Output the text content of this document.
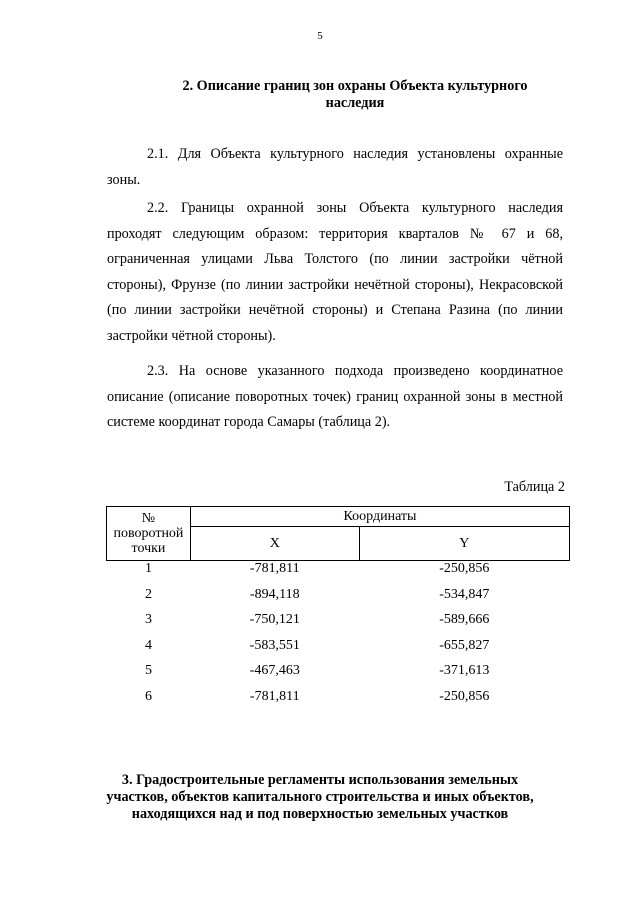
5
2. Описание границ зон охраны Объекта культурного
наследия

2.1. Для Объекта культурного наследия установлены охранные зоны.

2.2. Границы охранной зоны Объекта культурного наследия проходят следующим образом: территория кварталов № 67 и 68, ограниченная улицами Льва Толстого (по линии застройки чётной стороны), Фрунзе (по линии застройки нечётной стороны), Некрасовской (по линии застройки нечётной стороны) и Степана Разина (по линии застройки чётной стороны).

2.3. На основе указанного подхода произведено координатное описание (описание поворотных точек) границ охранной зоны в местной системе координат города Самары (таблица 2).

Таблица 2
№
поворотной
точки	Координаты	
	X	Y
1	-781,811	-250,856
2	-894,118	-534,847
3	-750,121	-589,666
4	-583,551	-655,827
5	-467,463	-371,613
6	-781,811	-250,856
3. Градостроительные регламенты использования земельных
участков, объектов капитального строительства и иных объектов,
находящихся над и под поверхностью земельных участков
